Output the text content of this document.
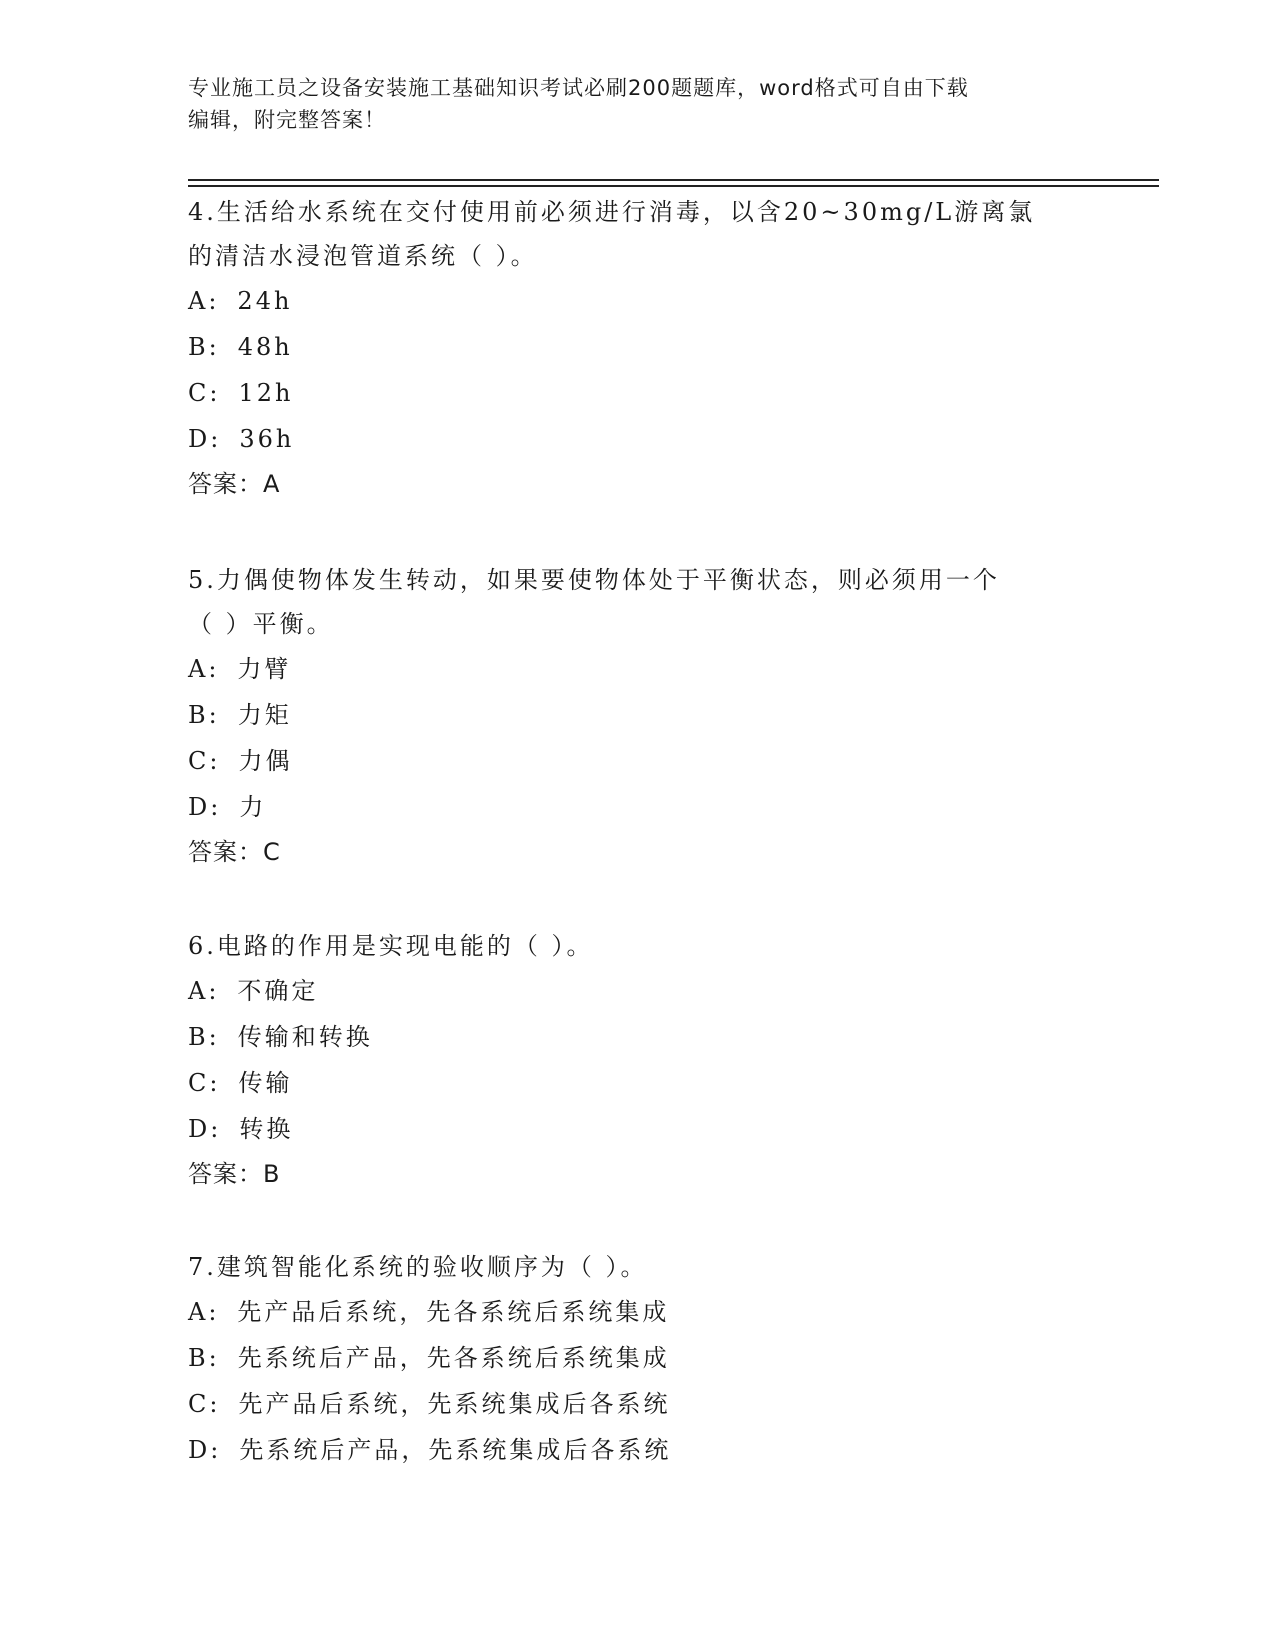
专业施工员之设备安装施工基础知识考试必刷200题题库，word格式可自由下载
编辑，附完整答案！
4.生活给水系统在交付使用前必须进行消毒，以含20~30mg/L游离氯
的清洁水浸泡管道系统（ ）。
A: 24h
B: 48h
C: 12h
D: 36h
答案：A
5.力偶使物体发生转动，如果要使物体处于平衡状态，则必须用一个
（ ）平衡。
A: 力臂
B: 力矩
C: 力偶
D: 力
答案：C
6.电路的作用是实现电能的（ ）。
A: 不确定
B: 传输和转换
C: 传输
D: 转换
答案：B
7.建筑智能化系统的验收顺序为（ ）。
A: 先产品后系统，先各系统后系统集成
B: 先系统后产品，先各系统后系统集成
C: 先产品后系统，先系统集成后各系统
D: 先系统后产品，先系统集成后各系统
